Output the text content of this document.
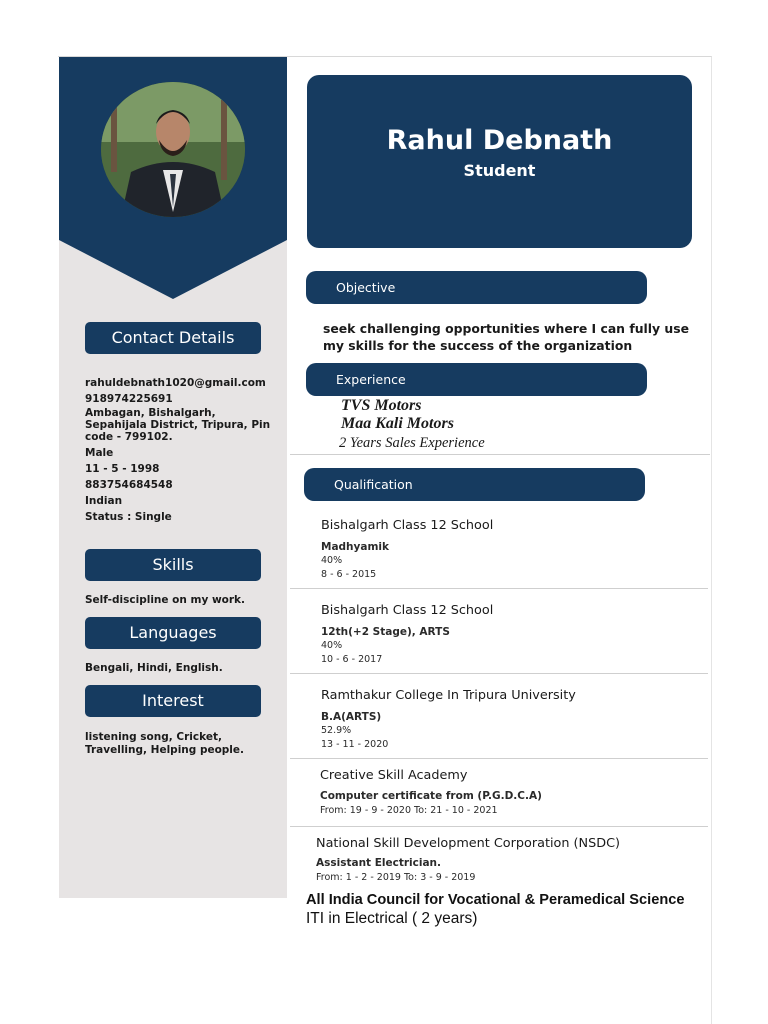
Contact Details
rahuldebnath1020@gmail.com
918974225691
Ambagan, Bishalgarh, Sepahijala District, Tripura, Pin code - 799102.
Male
11 - 5 - 1998
883754684548
Indian
Status : Single
Skills
Self-discipline on my work.
Languages
Bengali, Hindi, English.
Interest
listening song, Cricket, Travelling, Helping people.
Rahul Debnath
Student
Objective
seek challenging opportunities where I can fully use my skills for the success of the organization
Experience
TVS Motors
Maa Kali Motors
2 Years Sales Experience
Qualification
Bishalgarh Class 12 School
Madhyamik
40%
8 - 6 - 2015
Bishalgarh Class 12 School
12th(+2 Stage), ARTS
40%
10 - 6 - 2017
Ramthakur College In Tripura University
B.A(ARTS)
52.9%
13 - 11 - 2020
Creative Skill Academy
Computer certificate from (P.G.D.C.A)
From: 19 - 9 - 2020 To: 21 - 10 - 2021
National Skill Development Corporation (NSDC)
Assistant Electrician.
From: 1 - 2 - 2019 To: 3 - 9 - 2019
All India Council for Vocational & Peramedical Science
ITI in Electrical ( 2 years)
